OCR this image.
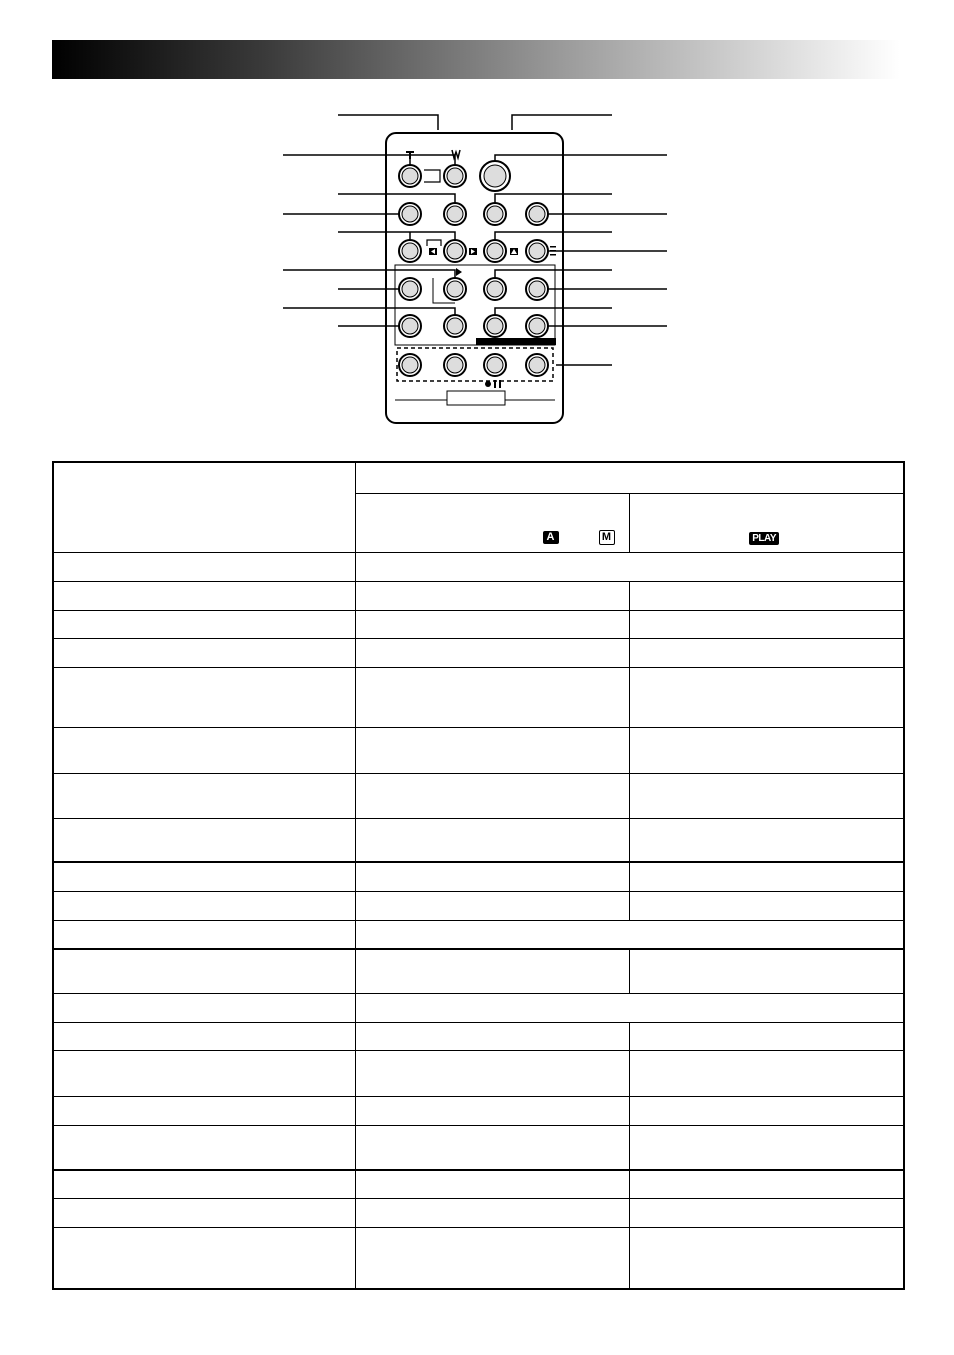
	A M	PLAY
